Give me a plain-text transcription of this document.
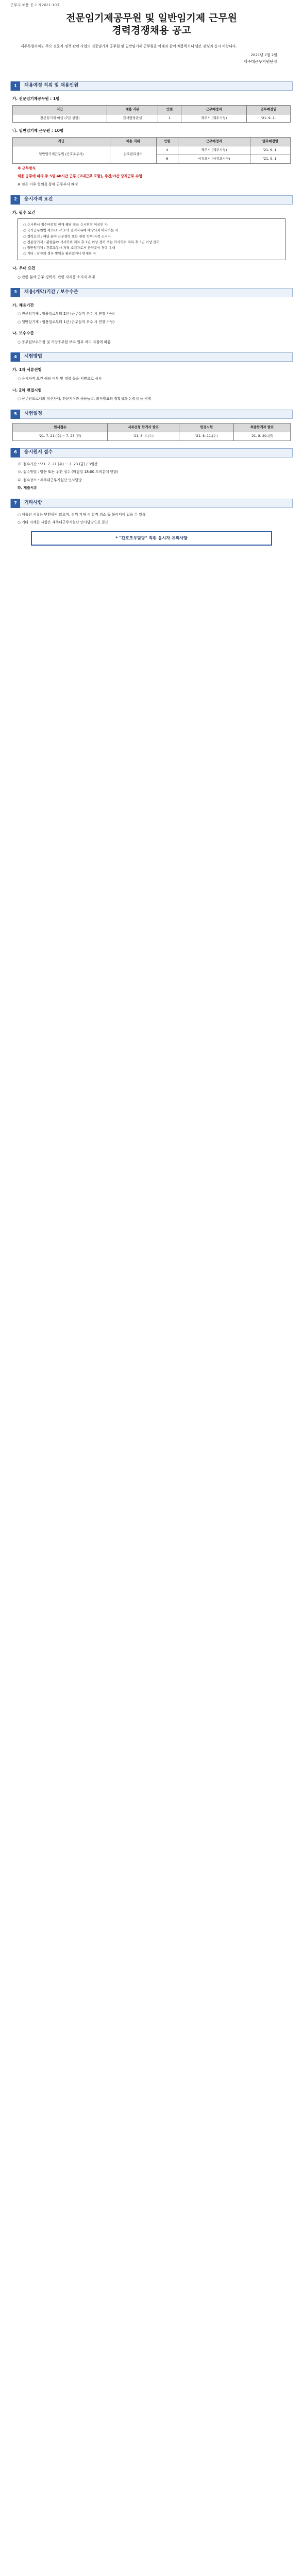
근무지 채용 공고 제2021-10호
전문임기제공무원 및 일반임기제 근무원
경력경쟁채용 공고
제주특별자치도 주요 전문직 정책 관련 사업의 전문임기제 공무원 및 일반임기제 근무원을 아래와 같이 채용하오니 많은 관심과 응시 바랍니다.
2021년 7월 2일
제주대근무지원단장
1	채용예정 직위 및 채용인원
가. 전문임기제공무원 : 1명
직급	채용 직위	인원	근무예정지	업무예정일
전문임기제 마급 (7급 상당)	감사담당관실	1	제주시 (제주시청)	'21. 9. 1.
나. 일반임기제 근무원 : 10명
직급	채용 직위	인원	근무예정지	업무예정일
일반임기제근무원 (간호조무사)	감호관리센터	4	제주시 (제주시청)	'21. 9. 1.
		6	서귀포시 (서귀포시청)	'21. 9. 1.
※ 근무방식
채용 공무에 따라 주 5일 40시간 근무 (교대근무 포함), 주간/야간 당직근무 수행
※ 임용 이후 협의를 통해 근무부서 배정
2	응시자격 요건
가. 필수 요건
○ 응시원서 접수마감일 현재 해당 직급 응시연령 이상인 자
○ 국가공무원법 제33조 각 호의 결격사유에 해당되지 아니하는 자
○ 경력요건 : 해당 분야 근무경력 또는 관련 학위·자격 소지자
○ 전문임기제 : 관련분야 석사학위 취득 후 1년 이상 경력 또는 학사학위 취득 후 3년 이상 경력
○ 일반임기제 : 간호조무사 자격 소지자로서 관련분야 경력 우대
○ 기타 : 남자의 경우 병역을 필하였거나 면제된 자
나. 우대 요건
○ 관련 분야 근무 경력자, 관련 자격증 소지자 우대
3	채용(계약)기간 / 보수수준
가. 채용기간
○ 전문임기제 : 임용일로부터 2년 (근무실적 우수 시 연장 가능)
○ 일반임기제 : 임용일로부터 1년 (근무실적 우수 시 연장 가능)
나. 보수수준
○ 공무원보수규정 및 지방공무원 보수 업무 처리 지침에 따름
4	시험방법
가. 1차 서류전형
○ 응시자격 요건 해당 여부 및 경력 등을 서면으로 심사
나. 2차 면접시험
○ 공무원으로서의 정신자세, 전문지식과 응용능력, 의사발표의 정확성과 논리성 등 평정
5	시험일정
원서접수	서류전형 합격자 발표	면접시험	최종합격자 발표
'21. 7. 21.(수) ~ 7. 23.(금)	'21. 8. 4.(수)	'21. 8. 11.(수)	'21. 8. 20.(금)
6	응시원서 접수
가. 접수기간 : '21. 7. 21.(수) ~ 7. 23.(금) / 3일간
나. 접수방법 : 방문 또는 우편 접수 (마감일 18:00 도착분에 한함)
다. 접수장소 : 제주대근무지원단 인사담당
라. 제출서류
7	기타사항
○ 제출된 서류는 반환하지 않으며, 허위 기재 시 합격 취소 등 불이익이 있을 수 있음
○ 기타 자세한 사항은 제주대근무지원단 인사담당으로 문의
* "간호조무담당" 직위 응시자 유의사항
